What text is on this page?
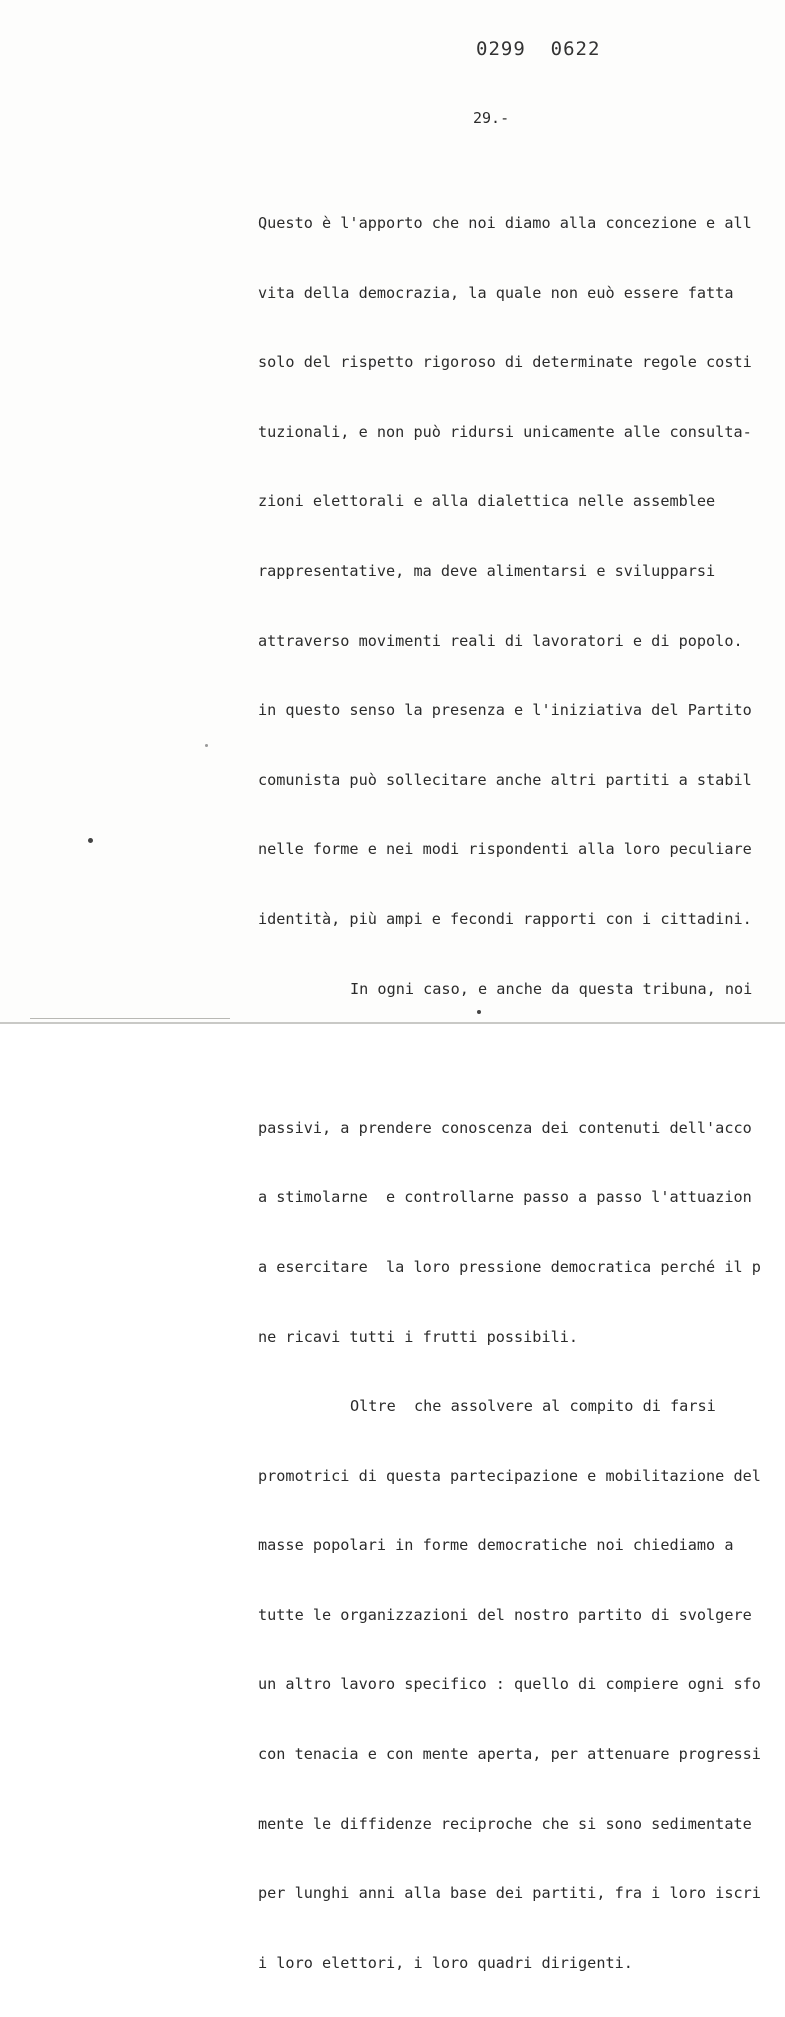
0299  0622
29.-

Questo è l'apporto che noi diamo alla concezione e all

vita della democrazia, la quale non euò essere fatta

solo del rispetto rigoroso di determinate regole costi

tuzionali, e non può ridursi unicamente alle consulta-

zioni elettorali e alla dialettica nelle assemblee

rappresentative, ma deve alimentarsi e svilupparsi

attraverso movimenti reali di lavoratori e di popolo.

in questo senso la presenza e l'iniziativa del Partito

comunista può sollecitare anche altri partiti a stabil

nelle forme e nei modi rispondenti alla loro peculiare

identità, più ampi e fecondi rapporti con i cittadini.

In ogni caso, e anche da questa tribuna, noi

passivi, a prendere conoscenza dei contenuti dell'acco

a stimolarne  e controllarne passo a passo l'attuazion

a esercitare  la loro pressione democratica perché il p

ne ricavi tutti i frutti possibili.

Oltre  che assolvere al compito di farsi

promotrici di questa partecipazione e mobilitazione del

masse popolari in forme democratiche noi chiediamo a

tutte le organizzazioni del nostro partito di svolgere

un altro lavoro specifico : quello di compiere ogni sfo

con tenacia e con mente aperta, per attenuare progressi

mente le diffidenze reciproche che si sono sedimentate

per lunghi anni alla base dei partiti, fra i loro iscri

i loro elettori, i loro quadri dirigenti.
